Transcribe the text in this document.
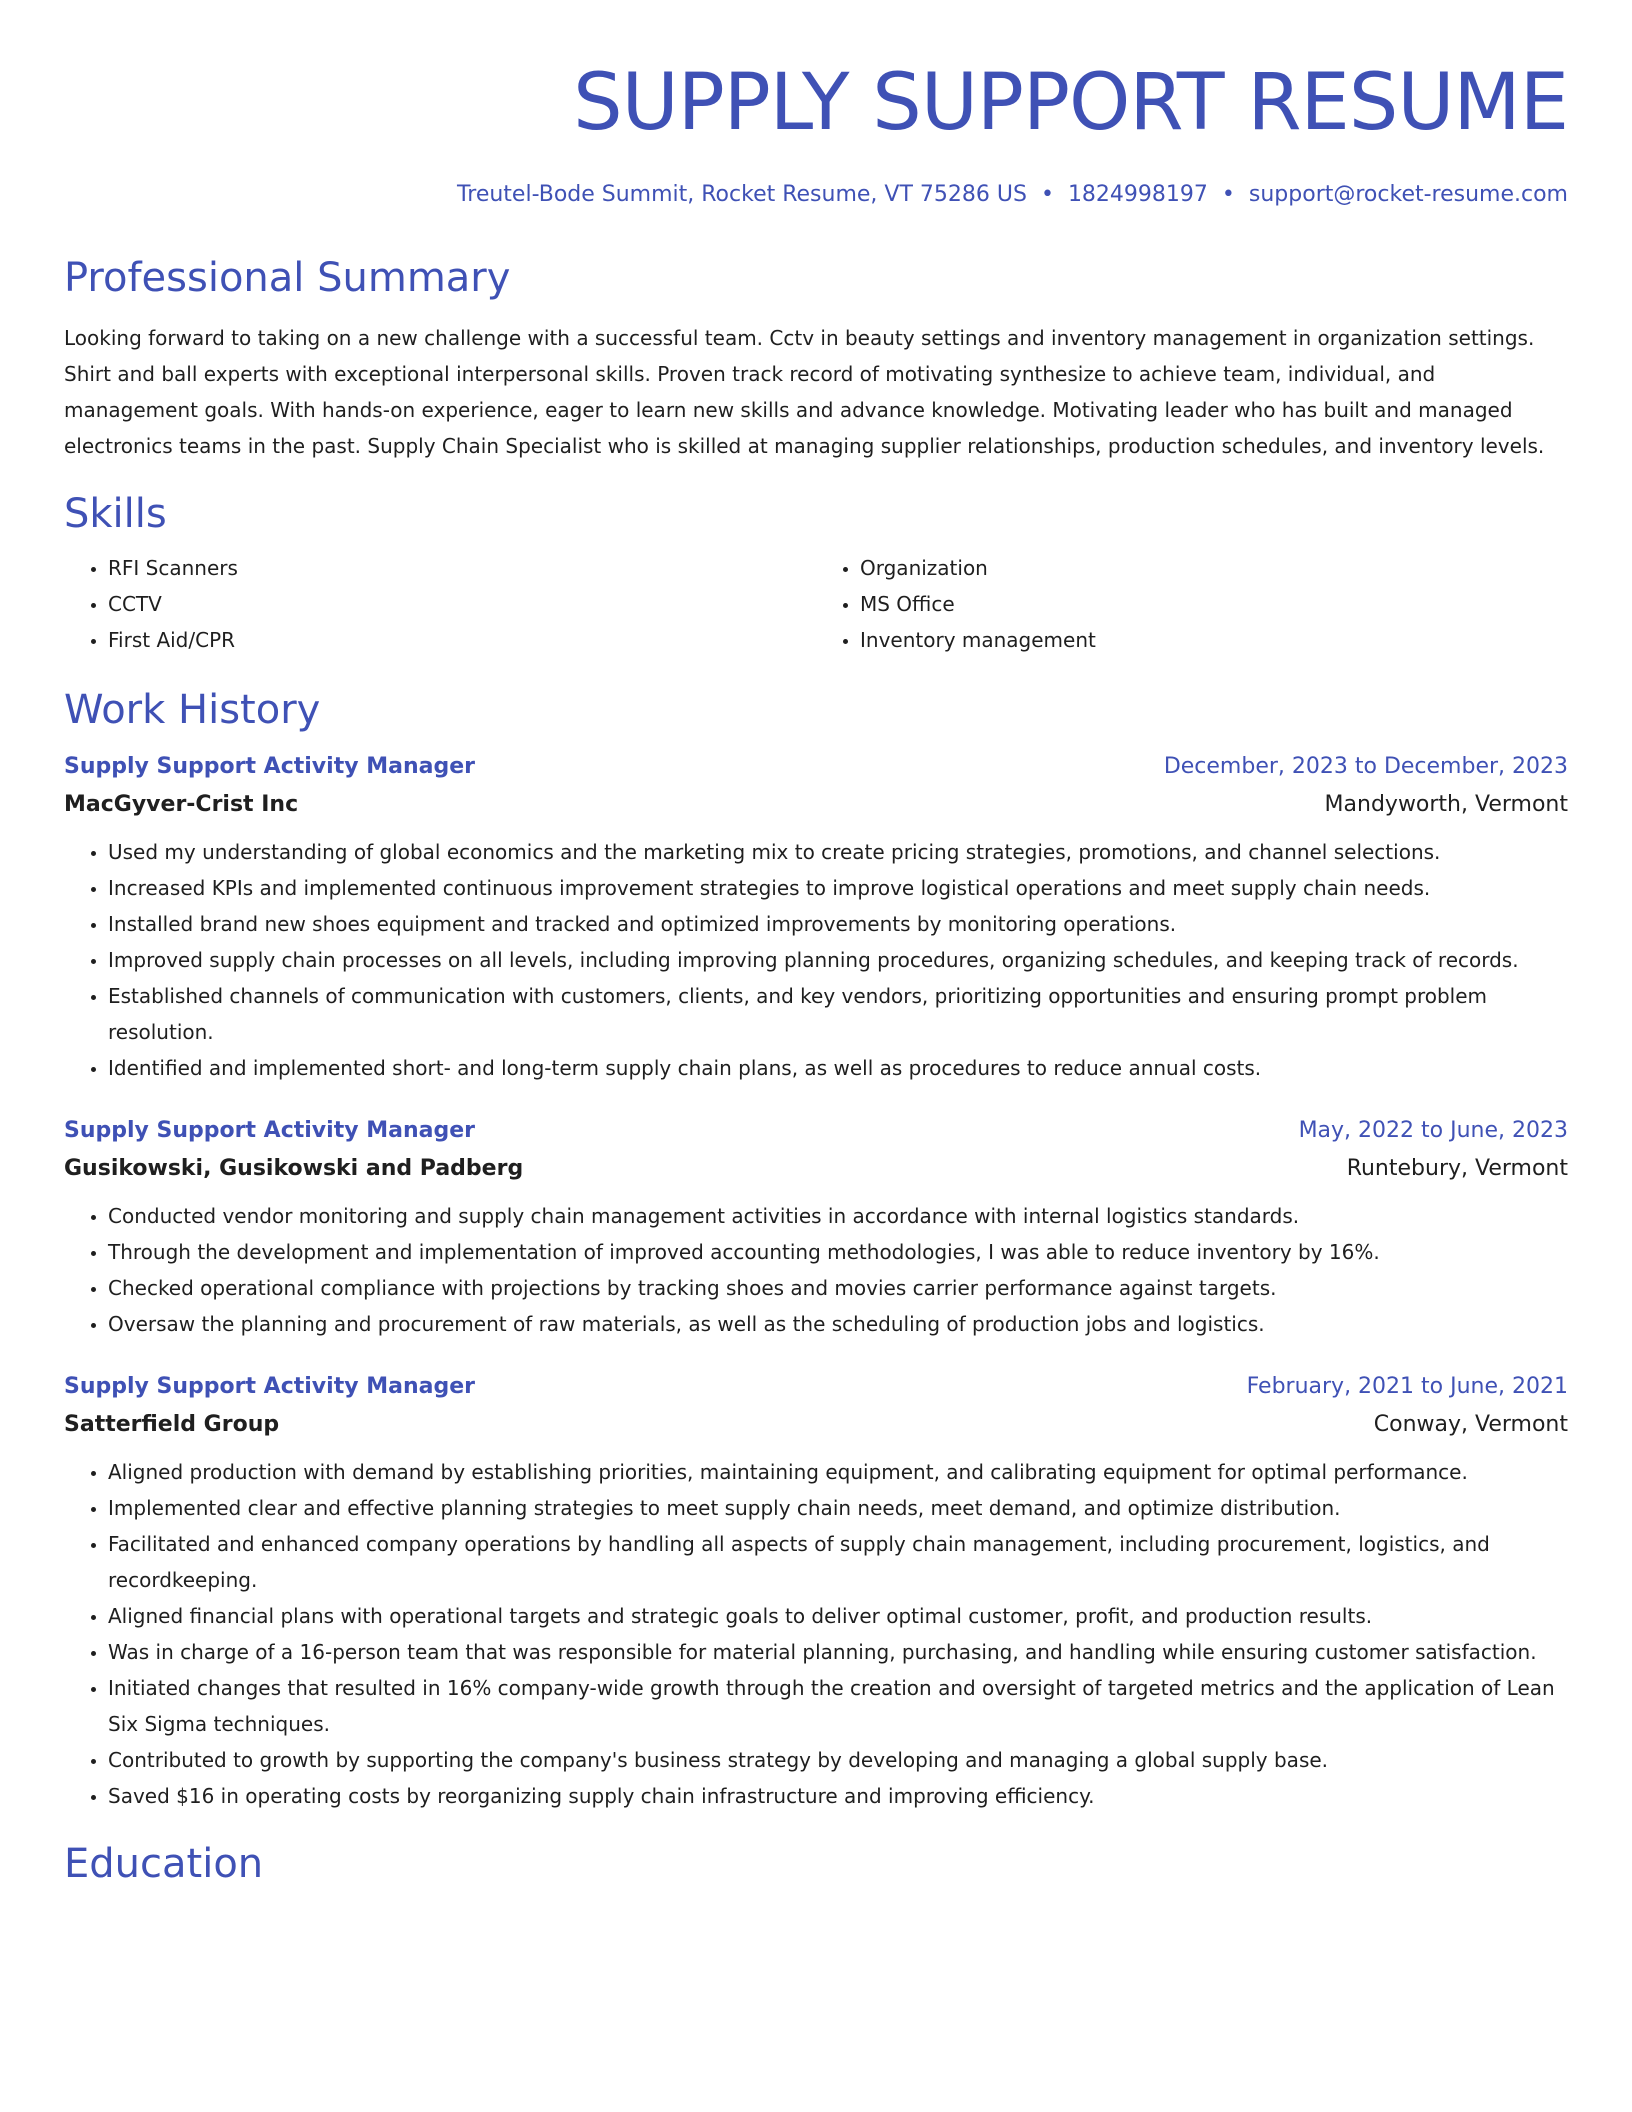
SUPPLY SUPPORT RESUME
Treutel-Bode Summit, Rocket Resume, VT 75286 US • 1824998197 • support@rocket-resume.com
Professional Summary

Looking forward to taking on a new challenge with a successful team. Cctv in beauty settings and inventory management in organization settings. Shirt and ball experts with exceptional interpersonal skills. Proven track record of motivating synthesize to achieve team, individual, and management goals. With hands-on experience, eager to learn new skills and advance knowledge. Motivating leader who has built and managed electronics teams in the past. Supply Chain Specialist who is skilled at managing supplier relationships, production schedules, and inventory levels.

Skills
• RFI Scanners
• CCTV
• First Aid/CPR
• Organization
• MS Office
• Inventory management
Work History
Supply Support Activity Manager	December, 2023 to December, 2023
MacGyver-Crist Inc	Mandyworth, Vermont
• Used my understanding of global economics and the marketing mix to create pricing strategies, promotions, and channel selections.
• Increased KPIs and implemented continuous improvement strategies to improve logistical operations and meet supply chain needs.
• Installed brand new shoes equipment and tracked and optimized improvements by monitoring operations.
• Improved supply chain processes on all levels, including improving planning procedures, organizing schedules, and keeping track of records.
• Established channels of communication with customers, clients, and key vendors, prioritizing opportunities and ensuring prompt problem resolution.
• Identified and implemented short- and long-term supply chain plans, as well as procedures to reduce annual costs.
Supply Support Activity Manager	May, 2022 to June, 2023
Gusikowski, Gusikowski and Padberg	Runtebury, Vermont
• Conducted vendor monitoring and supply chain management activities in accordance with internal logistics standards.
• Through the development and implementation of improved accounting methodologies, I was able to reduce inventory by 16%.
• Checked operational compliance with projections by tracking shoes and movies carrier performance against targets.
• Oversaw the planning and procurement of raw materials, as well as the scheduling of production jobs and logistics.
Supply Support Activity Manager	February, 2021 to June, 2021
Satterfield Group	Conway, Vermont
• Aligned production with demand by establishing priorities, maintaining equipment, and calibrating equipment for optimal performance.
• Implemented clear and effective planning strategies to meet supply chain needs, meet demand, and optimize distribution.
• Facilitated and enhanced company operations by handling all aspects of supply chain management, including procurement, logistics, and recordkeeping.
• Aligned financial plans with operational targets and strategic goals to deliver optimal customer, profit, and production results.
• Was in charge of a 16-person team that was responsible for material planning, purchasing, and handling while ensuring customer satisfaction.
• Initiated changes that resulted in 16% company-wide growth through the creation and oversight of targeted metrics and the application of Lean Six Sigma techniques.
• Contributed to growth by supporting the company's business strategy by developing and managing a global supply base.
• Saved $16 in operating costs by reorganizing supply chain infrastructure and improving efficiency.
Education
